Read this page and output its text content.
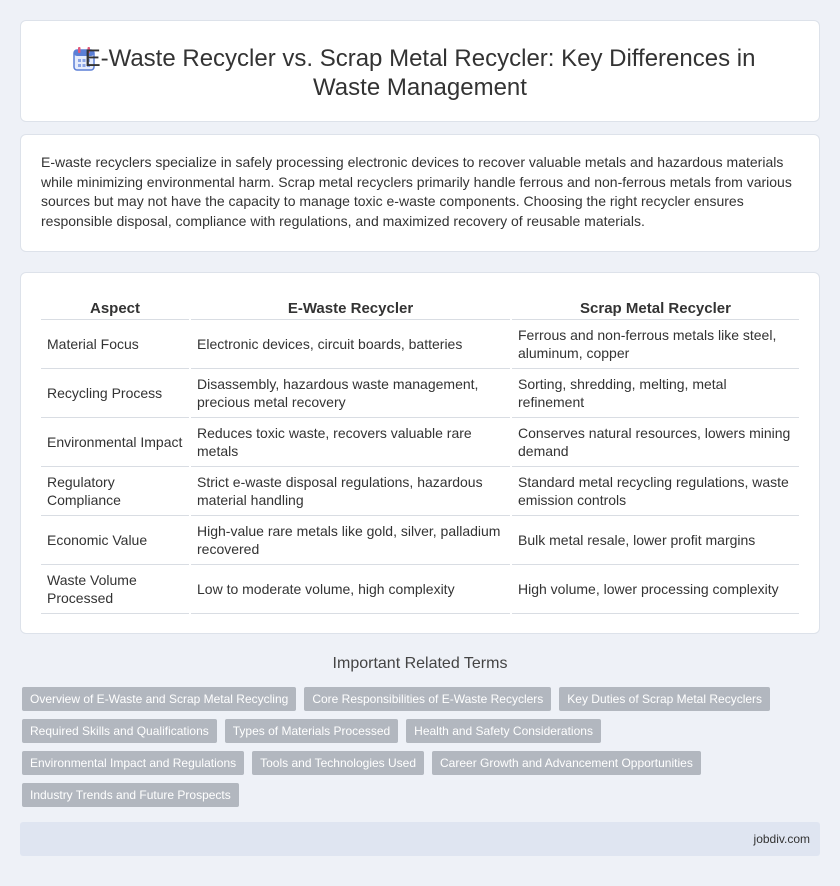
E-Waste Recycler vs. Scrap Metal Recycler: Key Differences in Waste Management

E-waste recyclers specialize in safely processing electronic devices to recover valuable metals and hazardous materials while minimizing environmental harm. Scrap metal recyclers primarily handle ferrous and non-ferrous metals from various sources but may not have the capacity to manage toxic e-waste components. Choosing the right recycler ensures responsible disposal, compliance with regulations, and maximized recovery of reusable materials.

Aspect	E-Waste Recycler	Scrap Metal Recycler
Material Focus	Electronic devices, circuit boards, batteries	Ferrous and non-ferrous metals like steel, aluminum, copper
Recycling Process	Disassembly, hazardous waste management, precious metal recovery	Sorting, shredding, melting, metal refinement
Environmental Impact	Reduces toxic waste, recovers valuable rare metals	Conserves natural resources, lowers mining demand
Regulatory Compliance	Strict e-waste disposal regulations, hazardous material handling	Standard metal recycling regulations, waste emission controls
Economic Value	High-value rare metals like gold, silver, palladium recovered	Bulk metal resale, lower profit margins
Waste Volume Processed	Low to moderate volume, high complexity	High volume, lower processing complexity
Important Related Terms
Overview of E-Waste and Scrap Metal Recycling	Core Responsibilities of E-Waste Recyclers	Key Duties of Scrap Metal Recyclers
Required Skills and Qualifications	Types of Materials Processed	Health and Safety Considerations
Environmental Impact and Regulations	Tools and Technologies Used	Career Growth and Advancement Opportunities
Industry Trends and Future Prospects
jobdiv.com
